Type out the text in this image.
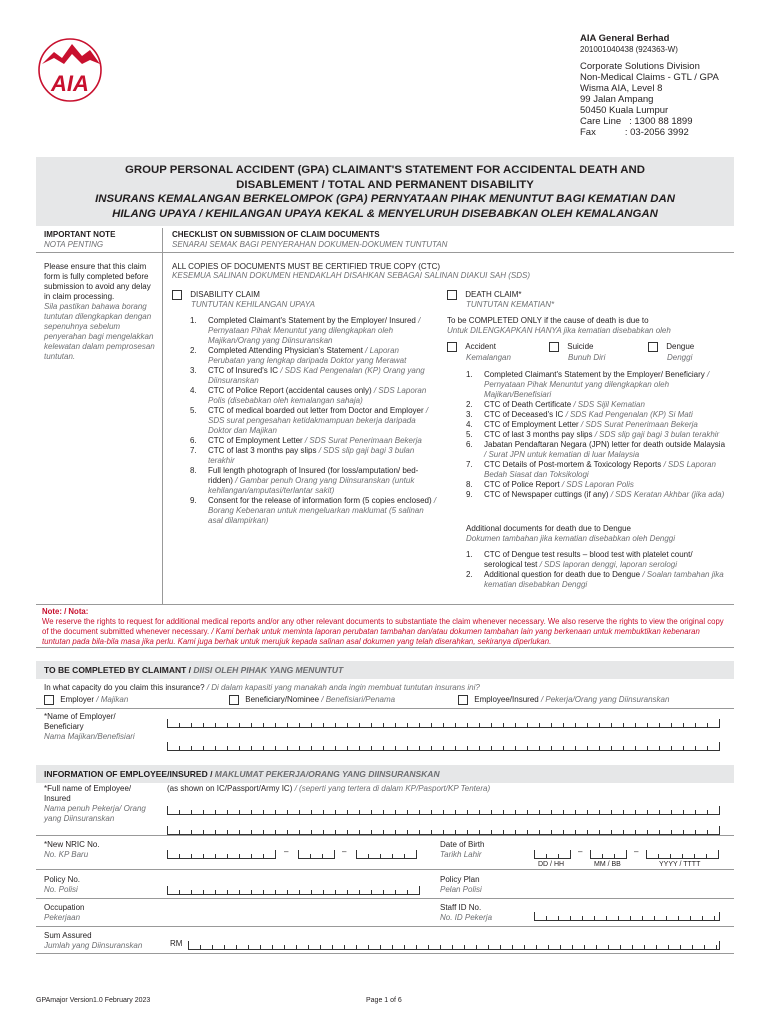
AIA
AIA General Berhad
201001040438 (924363-W)
Corporate Solutions Division
Non-Medical Claims - GTL / GPA
Wisma AIA, Level 8
99 Jalan Ampang
50450 Kuala Lumpur
Care Line   : 1300 88 1899
Fax           : 03-2056 3992
GROUP PERSONAL ACCIDENT (GPA) CLAIMANT'S STATEMENT FOR ACCIDENTAL DEATH AND
DISABLEMENT / TOTAL AND PERMANENT DISABILITY
INSURANS KEMALANGAN BERKELOMPOK (GPA) PERNYATAAN PIHAK MENUNTUT BAGI KEMATIAN DAN
HILANG UPAYA / KEHILANGAN UPAYA KEKAL & MENYELURUH DISEBABKAN OLEH KEMALANGAN
IMPORTANT NOTE
NOTA PENTING
CHECKLIST ON SUBMISSION OF CLAIM DOCUMENTS
SENARAI SEMAK BAGI PENYERAHAN DOKUMEN-DOKUMEN TUNTUTAN
Please ensure that this claim form is fully completed before submission to avoid any delay in claim processing.
Sila pastikan bahawa borang tuntutan dilengkapkan dengan sepenuhnya sebelum penyerahan bagi mengelakkan kelewatan dalam pemprosesan tuntutan.
ALL COPIES OF DOCUMENTS MUST BE CERTIFIED TRUE COPY (CTC)
KESEMUA SALINAN DOKUMEN HENDAKLAH DISAHKAN SEBAGAI SALINAN DIAKUI SAH (SDS)
DISABILITY CLAIM
TUNTUTAN KEHILANGAN UPAYA
1. Completed Claimant's Statement by the Employer/ Insured / Pernyataan Pihak Menuntut yang dilengkapkan oleh Majikan/Orang yang Diinsuranskan
2. Completed Attending Physician's Statement / Laporan Perubatan yang lengkap daripada Doktor yang Merawat
3. CTC of Insured's IC / SDS Kad Pengenalan (KP) Orang yang Diinsuranskan
4. CTC of Police Report (accidental causes only) / SDS Laporan Polis (disebabkan oleh kemalangan sahaja)
5. CTC of medical boarded out letter from Doctor and Employer / SDS surat pengesahan ketidakmampuan bekerja daripada Doktor dan Majikan
6. CTC of Employment Letter / SDS Surat Penerimaan Bekerja
7. CTC of last 3 months pay slips / SDS slip gaji bagi 3 bulan terakhir
8. Full length photograph of Insured (for loss/amputation/ bed-ridden) / Gambar penuh Orang yang Diinsuranskan (untuk kehilangan/amputasi/terlantar sakit)
9. Consent for the release of information form (5 copies enclosed) / Borang Kebenaran untuk mengeluarkan maklumat (5 salinan asal dilampirkan)
DEATH CLAIM*
TUNTUTAN KEMATIAN*
To be COMPLETED ONLY if the cause of death is due to
Untuk DILENGKAPKAN HANYA jika kematian disebabkan oleh
Accident
Kemalangan
Suicide
Bunuh Diri
Dengue
Denggi
1. Completed Claimant's Statement by the Employer/ Beneficiary / Pernyataan Pihak Menuntut yang dilengkapkan oleh Majikan/Benefisiari
2. CTC of Death Certificate / SDS Sijil Kematian
3. CTC of Deceased's IC / SDS Kad Pengenalan (KP) Si Mati
4. CTC of Employment Letter / SDS Surat Penerimaan Bekerja
5. CTC of last 3 months pay slips / SDS slip gaji bagi 3 bulan terakhir
6. Jabatan Pendaftaran Negara (JPN) letter for death outside Malaysia / Surat JPN untuk kematian di luar Malaysia
7. CTC Details of Post-mortem & Toxicology Reports / SDS Laporan Bedah Siasat dan Toksikologi
8. CTC of Police Report / SDS Laporan Polis
9. CTC of Newspaper cuttings (if any) / SDS Keratan Akhbar (jika ada)
Additional documents for death due to Dengue
Dokumen tambahan jika kematian disebabkan oleh Denggi
1. CTC of Dengue test results – blood test with platelet count/ serological test / SDS laporan denggi, laporan serologi
2. Additional question for death due to Dengue / Soalan tambahan jika kematian disebabkan Denggi
Note: / Nota:
We reserve the rights to request for additional medical reports and/or any other relevant documents to substantiate the claim whenever necessary. We also reserve the rights to view the original copy of the document submitted whenever necessary. / Kami berhak untuk meminta laporan perubatan tambahan dan/atau dokumen tambahan lain yang berkenaan untuk membuktikan kebenaran tuntutan pada bila-bila masa jika perlu. Kami juga berhak untuk merujuk kepada salinan asal dokumen yang telah diserahkan, sekiranya diperlukan.
TO BE COMPLETED BY CLAIMANT / DIISI OLEH PIHAK YANG MENUNTUT
In what capacity do you claim this insurance? / Di dalam kapasiti yang manakah anda ingin membuat tuntutan insurans ini?
Employer / Majikan	Beneficiary/Nominee / Benefisiari/Penama	Employee/Insured / Pekerja/Orang yang Diinsuranskan
*Name of Employer/ Beneficiary
Nama Majikan/Benefisiari
INFORMATION OF EMPLOYEE/INSURED / MAKLUMAT PEKERJA/ORANG YANG DIINSURANSKAN
*Full name of Employee/ Insured
Nama penuh Pekerja/ Orang yang Diinsuranskan
(as shown on IC/Passport/Army IC) / (seperti yang tertera di dalam KP/Pasport/KP Tentera)
*New NRIC No.
No. KP Baru	–	–
Date of Birth
Tarikh Lahir	–	–
DD / HH	MM / BB	YYYY / TTTT
Policy No.
No. Polisi
Policy Plan
Pelan Polisi
Occupation
Pekerjaan
Staff ID No.
No. ID Pekerja
Sum Assured
Jumlah yang Diinsuranskan	RM
GPAmajor Version1.0 February 2023	Page 1 of 6
